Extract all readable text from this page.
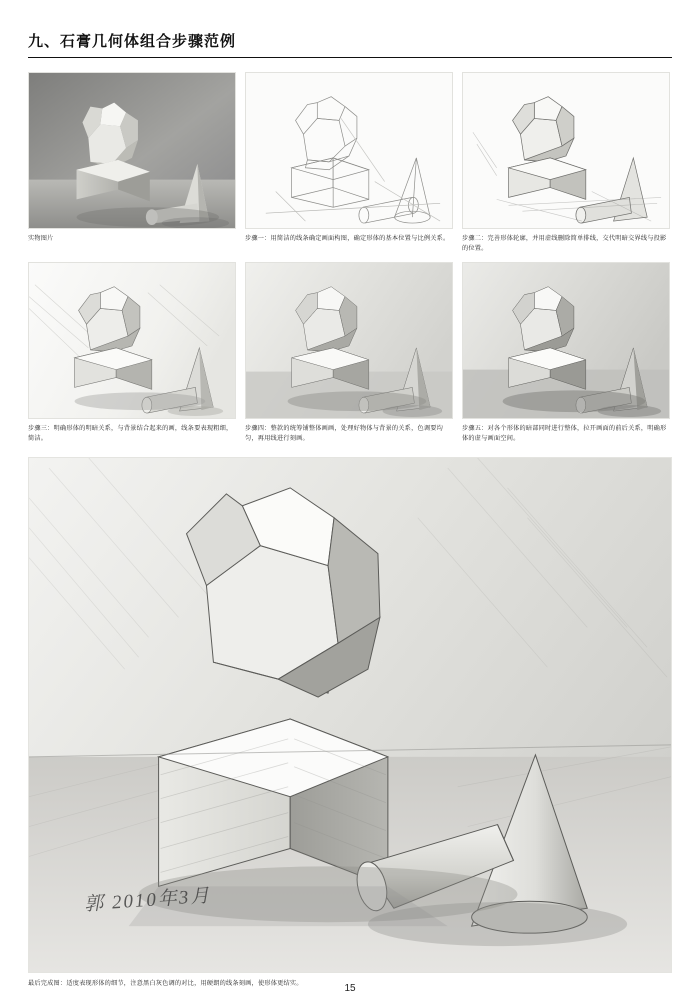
九、石膏几何体组合步骤范例
实物图片	步骤一：用简洁的线条确定画面构图，确定形体的基本位置与比例关系。	步骤二：完善形体轮廓，并用虚线删除简单排线，交代明暗交界线与投影的位置。
步骤三：明确形体的明暗关系，与背景结合起来的画，线条要表现粗细，简洁。
步骤四：整款的统筹铺整体画画，处理好物体与背景的关系，色调要均匀，再用线进行刻画。
步骤五：对各个形体的暗部同时进行整体，拉开画面的前后关系，明确形体的虚与画面空间。
郭 2010年3月
最后完成图：适度表现形体的细节，注意黑白灰色调的对比，用硬朗的线条刻画，使形体更结实。	15
